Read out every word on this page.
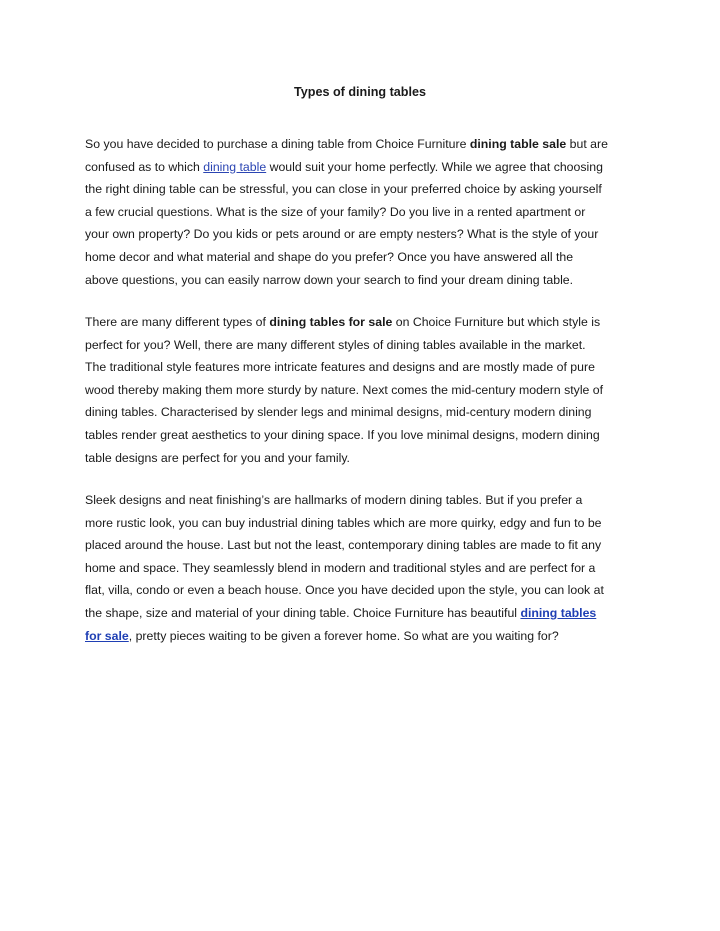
Types of dining tables
So you have decided to purchase a dining table from Choice Furniture dining table sale but are
confused as to which dining table would suit your home perfectly. While we agree that choosing
the right dining table can be stressful, you can close in your preferred choice by asking yourself
a few crucial questions. What is the size of your family? Do you live in a rented apartment or
your own property? Do you kids or pets around or are empty nesters? What is the style of your
home decor and what material and shape do you prefer? Once you have answered all the
above questions, you can easily narrow down your search to find your dream dining table.
There are many different types of dining tables for sale on Choice Furniture but which style is
perfect for you? Well, there are many different styles of dining tables available in the market.
The traditional style features more intricate features and designs and are mostly made of pure
wood thereby making them more sturdy by nature. Next comes the mid-century modern style of
dining tables. Characterised by slender legs and minimal designs, mid-century modern dining
tables render great aesthetics to your dining space. If you love minimal designs, modern dining
table designs are perfect for you and your family.
Sleek designs and neat finishing’s are hallmarks of modern dining tables. But if you prefer a
more rustic look, you can buy industrial dining tables which are more quirky, edgy and fun to be
placed around the house. Last but not the least, contemporary dining tables are made to fit any
home and space. They seamlessly blend in modern and traditional styles and are perfect for a
flat, villa, condo or even a beach house. Once you have decided upon the style, you can look at
the shape, size and material of your dining table. Choice Furniture has beautiful dining tables
for sale, pretty pieces waiting to be given a forever home. So what are you waiting for?
